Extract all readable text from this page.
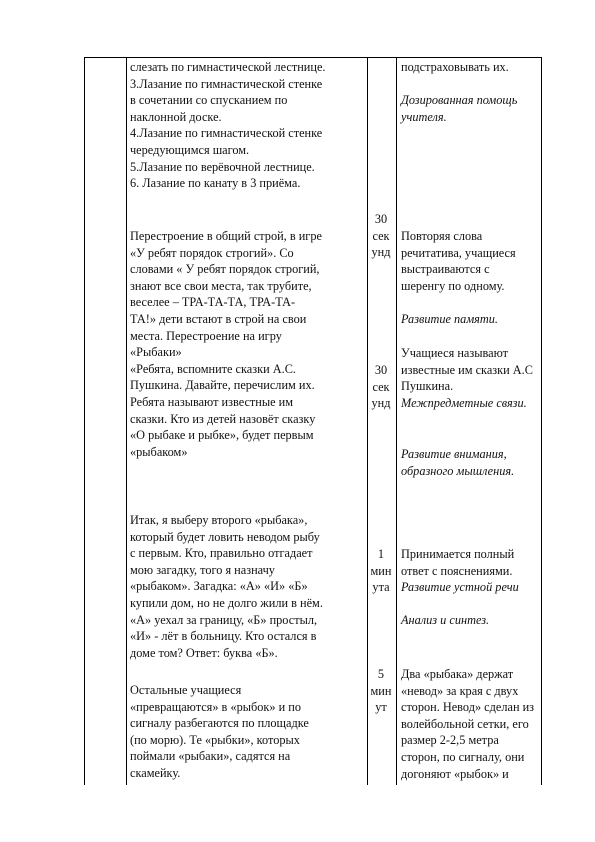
слезать по гимнастической лестнице.

3.Лазание по гимнастической стенке

в сочетании со спусканием по

наклонной доске.

4.Лазание по гимнастической стенке

чередующимся шагом.

5.Лазание по верёвочной лестнице.

6. Лазание по канату в 3 приёма.

Перестроение в общий строй, в игре

«У ребят порядок строгий». Со

словами « У ребят порядок строгий,

знают все свои места, так трубите,

веселее – ТРА-ТА-ТА, ТРА-ТА-

ТА!» дети встают в строй на свои

места. Перестроение на игру

«Рыбаки»

«Ребята, вспомните сказки А.С.

Пушкина. Давайте, перечислим их.

Ребята называют известные им

сказки. Кто из детей назовёт сказку

«О рыбаке и рыбке», будет первым

«рыбаком»

Итак, я выберу второго «рыбака»,

который будет ловить неводом рыбу

с первым. Кто, правильно отгадает

мою загадку, того я назначу

«рыбаком». Загадка: «А» «И» «Б»

купили дом, но не долго жили в нём.

«А» уехал за границу, «Б» простыл,

«И» - лёт в больницу. Кто остался в

доме том? Ответ: буква «Б».

Остальные учащиеся

«превращаются» в «рыбок» и по

сигналу разбегаются по площадке

(по морю). Те «рыбки», которых

поймали «рыбаки», садятся на

скамейку.

30

сек

унд

30

сек

унд

1

мин

ута

5

мин

ут

подстраховывать их.

Дозированная помощь

учителя.

Повторяя слова

речитатива, учащиеся

выстраиваются с

шеренгу по одному.

Развитие памяти.

Учащиеся называют

известные им сказки А.С

Пушкина.

Межпредметные связи.

Развитие внимания,

образного мышления.

Принимается полный

ответ с пояснениями.

Развитие устной речи

Анализ и синтез.

Два «рыбака» держат

«невод» за края с двух

сторон. Невод» сделан из

волейбольной сетки, его

размер 2-2,5 метра

сторон, по сигналу, они

догоняют «рыбок» и
